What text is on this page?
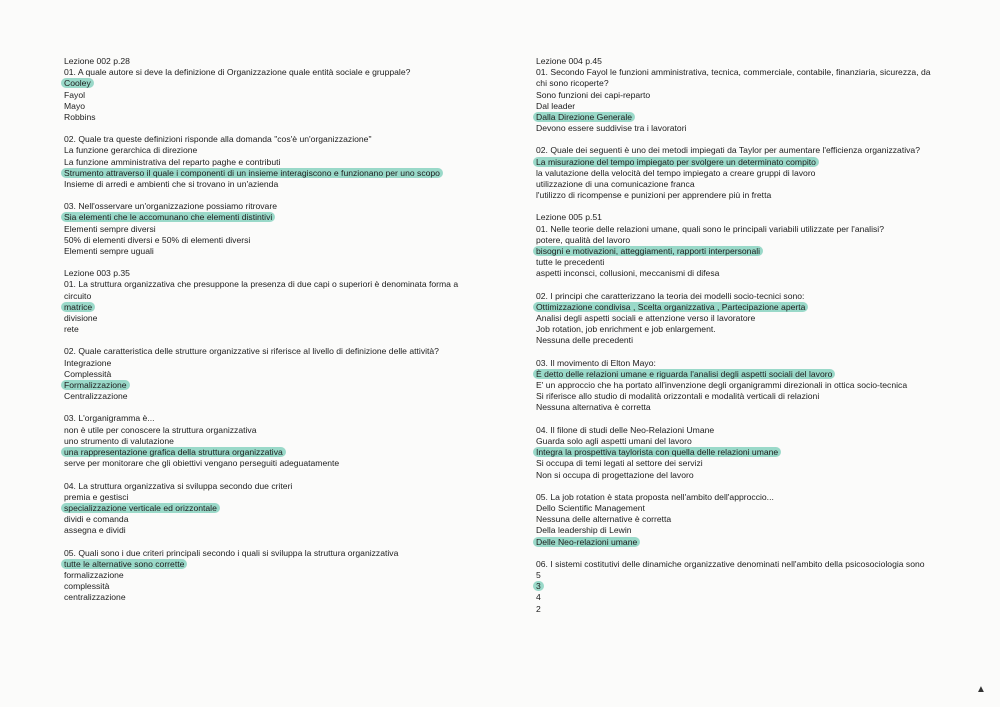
Lezione 002 p.28
01. A quale autore si deve la definizione di Organizzazione quale entità sociale e gruppale?
Cooley
Fayol
Mayo
Robbins
02. Quale tra queste definizioni risponde alla domanda "cos'è un'organizzazione"
La funzione gerarchica di direzione
La funzione amministrativa del reparto paghe e contributi
Strumento attraverso il quale i componenti di un insieme interagiscono e funzionano per uno scopo
Insieme di arredi e ambienti che si trovano in un'azienda
03. Nell'osservare un'organizzazione possiamo ritrovare
Sia elementi che le accomunano che elementi distintivi
Elementi sempre diversi
50% di elementi diversi e 50% di elementi diversi
Elementi sempre uguali
Lezione 003 p.35
01. La struttura organizzativa che presuppone la presenza di due capi o superiori è denominata forma a
circuito
matrice
divisione
rete
02. Quale caratteristica delle strutture organizzative si riferisce al livello di definizione delle attività?
Integrazione
Complessità
Formalizzazione
Centralizzazione
03. L'organigramma è...
non è utile per conoscere la struttura organizzativa
uno strumento di valutazione
una rappresentazione grafica della struttura organizzativa
serve per monitorare che gli obiettivi vengano perseguiti adeguatamente
04. La struttura organizzativa si sviluppa secondo due criteri
premia e gestisci
specializzazione verticale ed orizzontale
dividi e comanda
assegna e dividi
05. Quali sono i due criteri principali secondo i quali si sviluppa la struttura organizzativa
tutte le alternative sono corrette
formalizzazione
complessità
centralizzazione
Lezione 004 p.45
01. Secondo Fayol le funzioni amministrativa, tecnica, commerciale, contabile, finanziaria, sicurezza, da
chi sono ricoperte?
Sono funzioni dei capi-reparto
Dal leader
Dalla Direzione Generale
Devono essere suddivise tra i lavoratori
02. Quale dei seguenti è uno dei metodi impiegati da Taylor per aumentare l'efficienza organizzativa?
La misurazione del tempo impiegato per svolgere un determinato compito
la valutazione della velocità del tempo impiegato a creare gruppi di lavoro
utilizzazione di una comunicazione franca
l'utilizzo di ricompense e punizioni per apprendere più in fretta
Lezione 005 p.51
01. Nelle teorie delle relazioni umane, quali sono le principali variabili utilizzate per l'analisi?
potere, qualità del lavoro
bisogni e motivazioni, atteggiamenti, rapporti interpersonali
tutte le precedenti
aspetti inconsci, collusioni, meccanismi di difesa
02. I principi che caratterizzano la teoria dei modelli socio-tecnici sono:
Ottimizzazione condivisa , Scelta organizzativa , Partecipazione aperta
Analisi degli aspetti sociali e attenzione verso il lavoratore
Job rotation, job enrichment e job enlargement.
Nessuna delle precedenti
03. Il movimento di Elton Mayo:
È detto delle relazioni umane e riguarda l'analisi degli aspetti sociali del lavoro
E' un approccio che ha portato all'invenzione degli organigrammi direzionali in ottica socio-tecnica
Si riferisce allo studio di modalità orizzontali e modalità verticali di relazioni
Nessuna alternativa è corretta
04. Il filone di studi delle Neo-Relazioni Umane
Guarda solo agli aspetti umani del lavoro
Integra la prospettiva taylorista con quella delle relazioni umane
Si occupa di temi legati al settore dei servizi
Non si occupa di progettazione del lavoro
05. La job rotation è stata proposta nell'ambito dell'approccio...
Dello Scientific Management
Nessuna delle alternative è corretta
Della leadership di Lewin
Delle Neo-relazioni umane
06. I sistemi costitutivi delle dinamiche organizzative denominati nell'ambito della psicosociologia sono
5
3
4
2
▲
